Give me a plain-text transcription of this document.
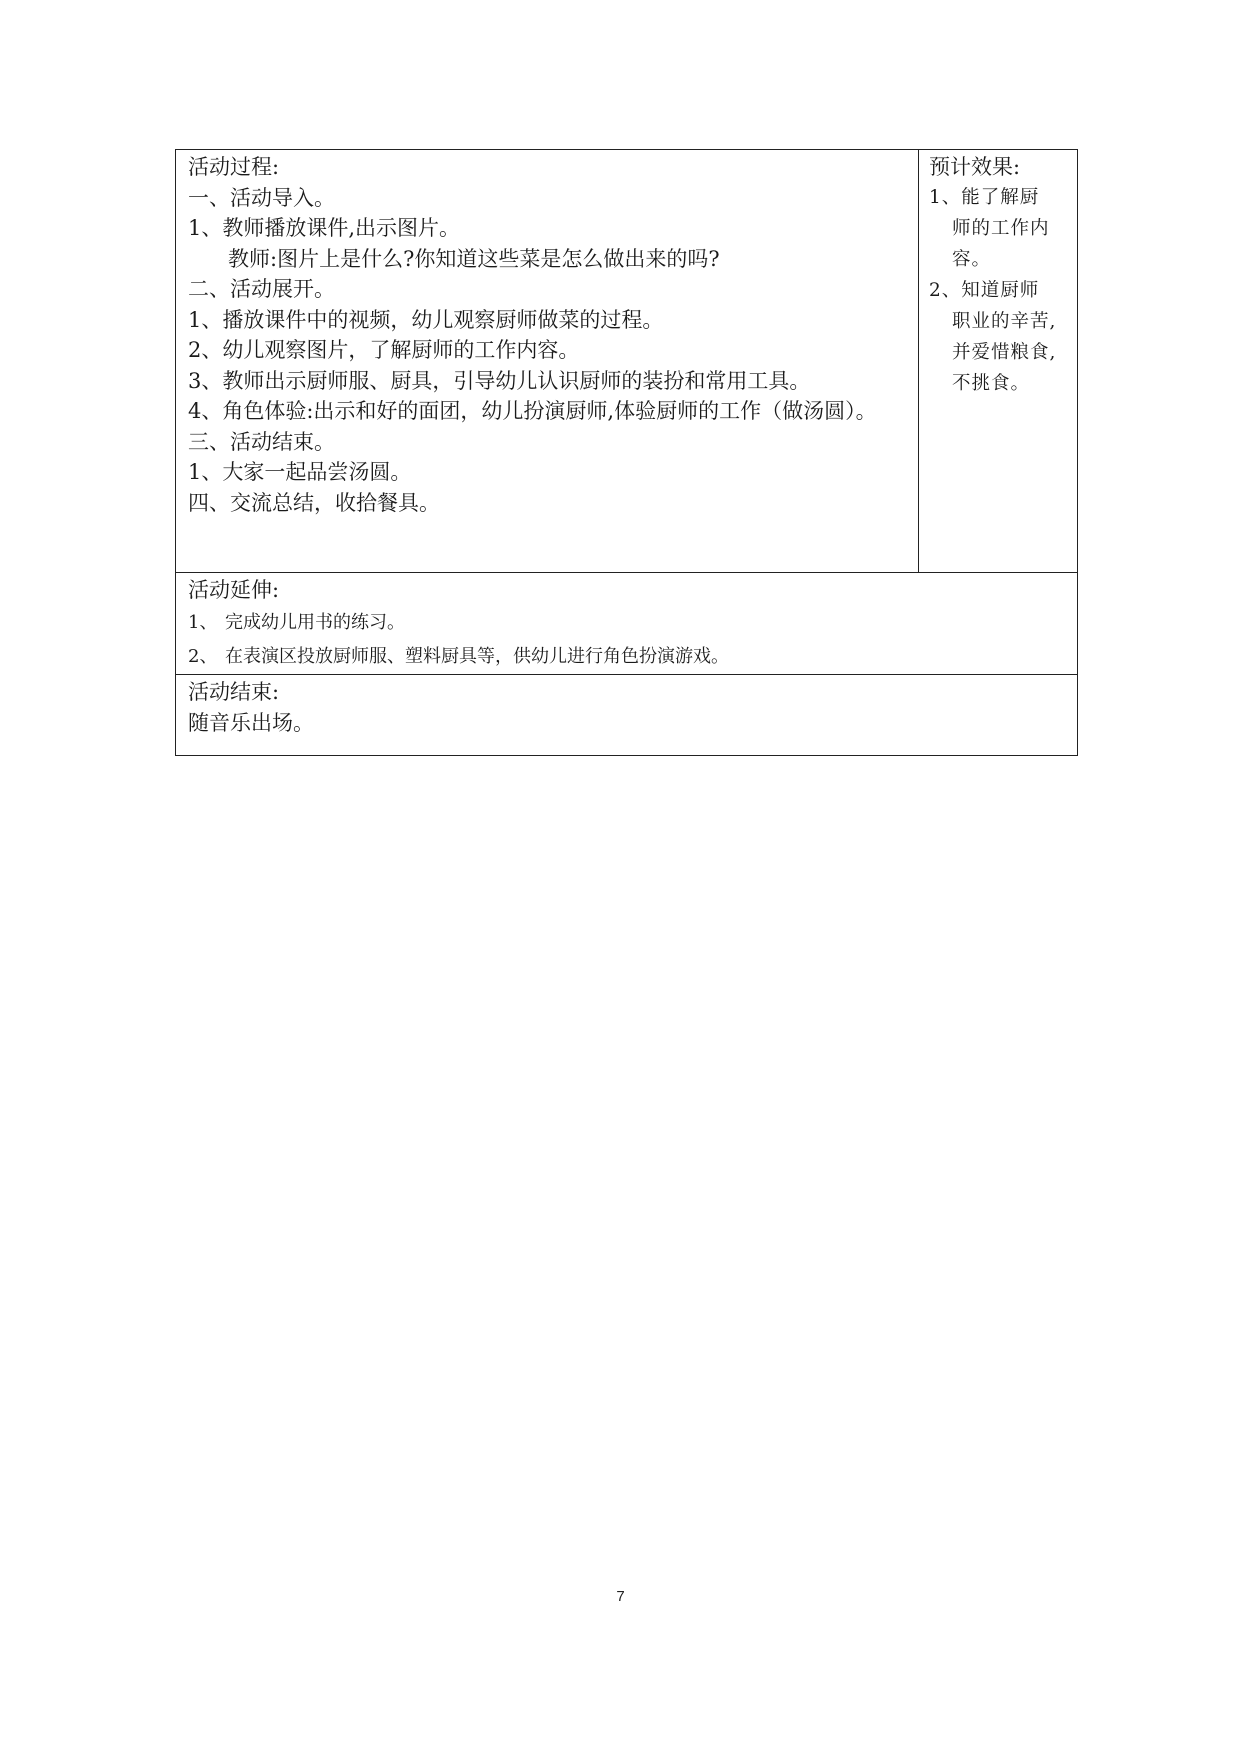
活动过程:
一、活动导入。
1、教师播放课件,出示图片。
教师:图片上是什么?你知道这些菜是怎么做出来的吗?
二、活动展开。
1、播放课件中的视频，幼儿观察厨师做菜的过程。
2、幼儿观察图片，了解厨师的工作内容。
3、教师出示厨师服、厨具，引导幼儿认识厨师的装扮和常用工具。
4、角色体验:出示和好的面团，幼儿扮演厨师,体验厨师的工作（做汤圆）。
三、活动结束。
1、大家一起品尝汤圆。
四、交流总结，收拾餐具。

预计效果:
1、能了解厨
师的工作内
容。
2、知道厨师
职业的辛苦,
并爱惜粮食,
不挑食。

活动延伸:
1、 完成幼儿用书的练习。
2、 在表演区投放厨师服、塑料厨具等，供幼儿进行角色扮演游戏。

活动结束:
随音乐出场。
7
